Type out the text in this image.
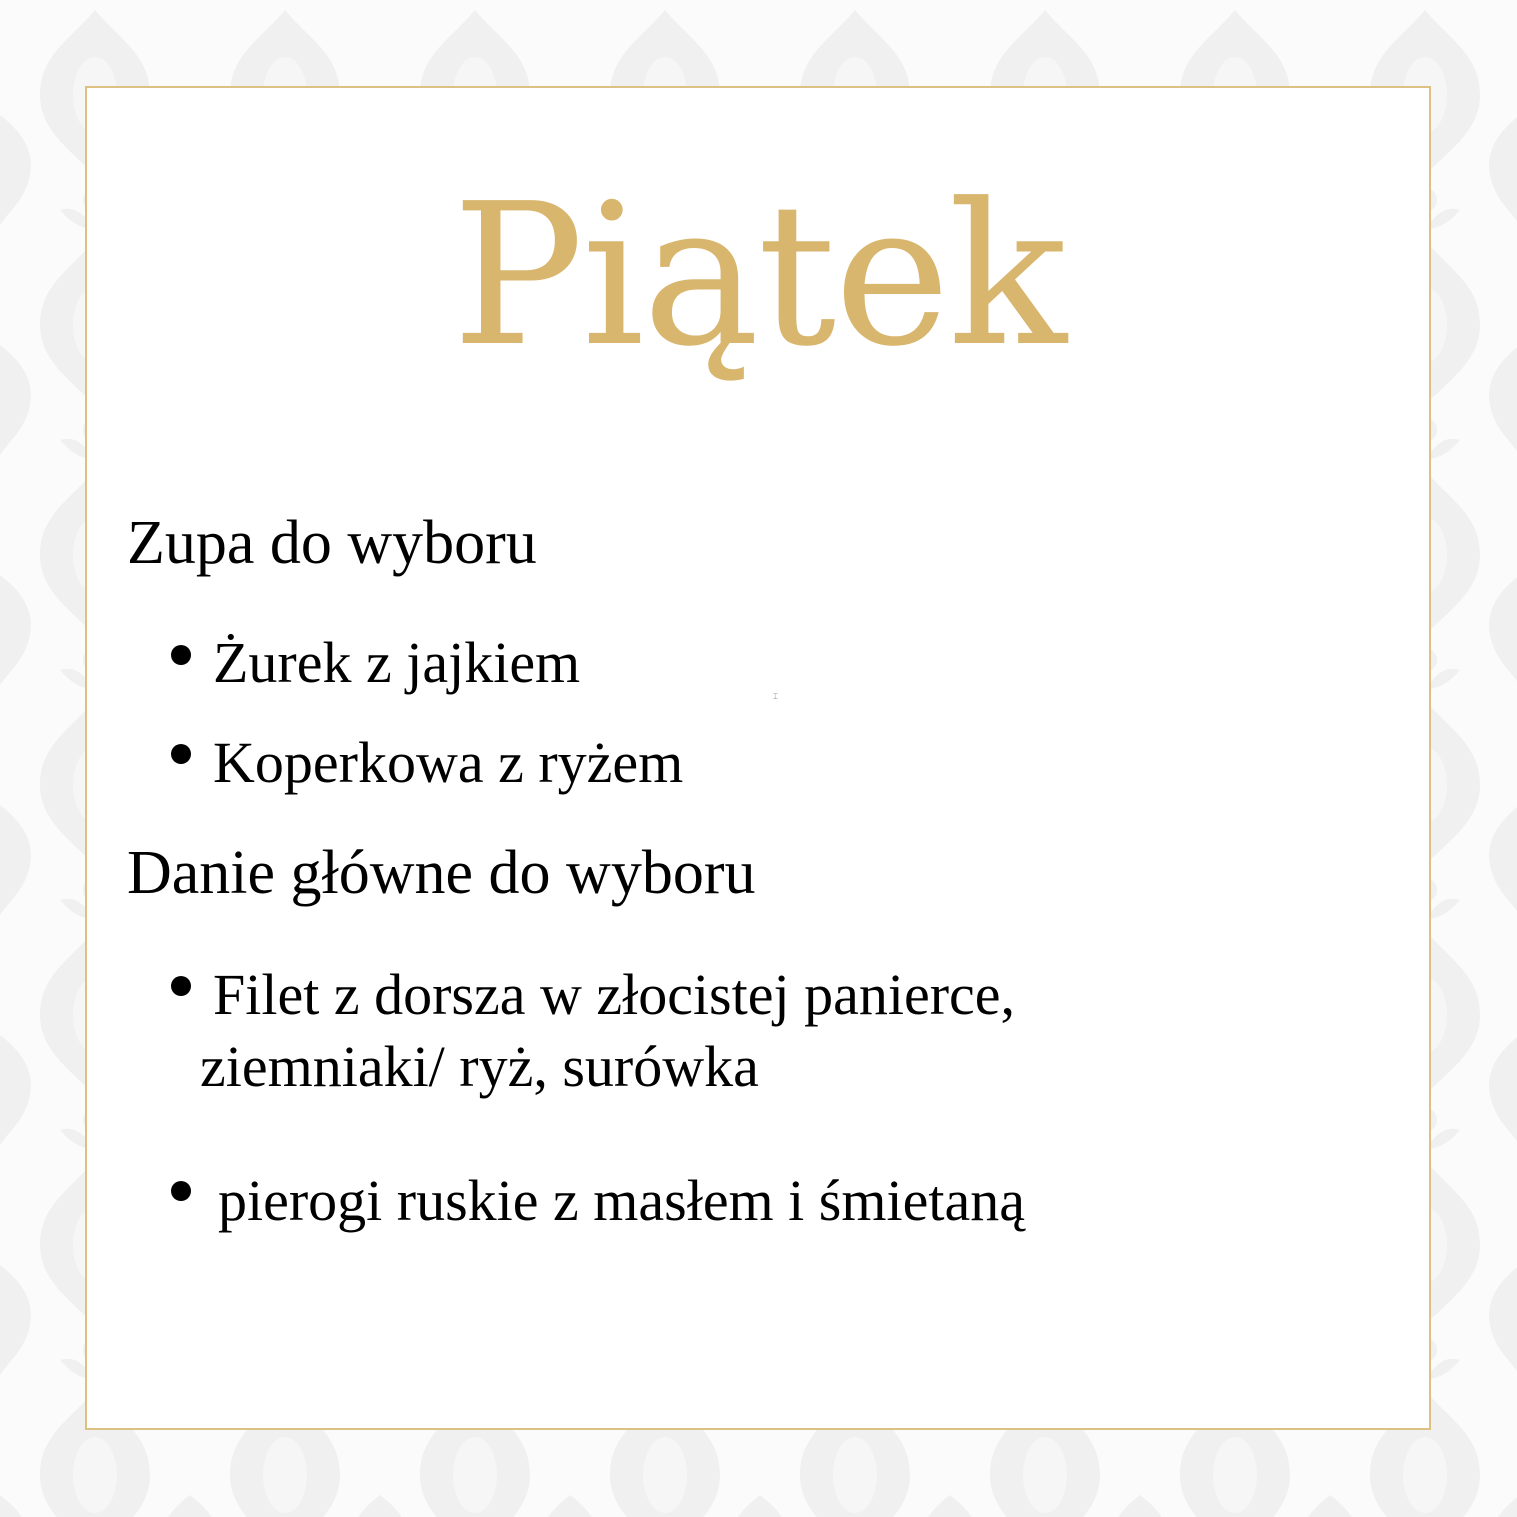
Piątek
Zupa do wyboru
Żurek z jajkiem
Koperkowa z ryżem
⌶
Danie główne do wyboru
Filet z dorsza w złocistej panierce,
ziemniaki/ ryż, surówka
pierogi ruskie z masłem i śmietaną
